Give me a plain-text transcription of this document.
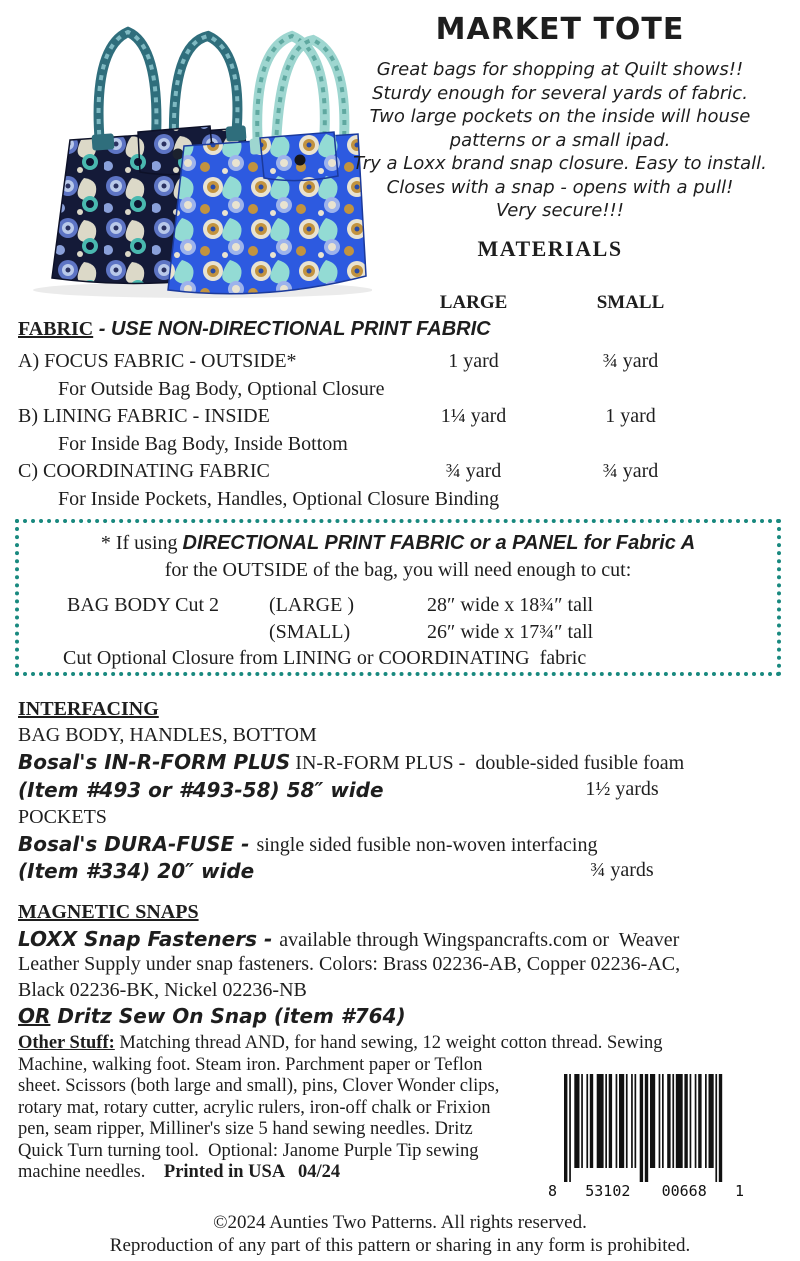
MARKET TOTE
Great bags for shopping at Quilt shows!!
Sturdy enough for several yards of fabric.
Two large pockets on the inside will house
patterns or a small ipad.
Try a Loxx brand snap closure. Easy to install.
Closes with a snap - opens with a pull!
Very secure!!!
MATERIALS
LARGE	SMALL
FABRIC - USE NON-DIRECTIONAL PRINT FABRIC
A) FOCUS FABRIC - OUTSIDE*	1 yard	¾ yard
For Outside Bag Body, Optional Closure
B) LINING FABRIC - INSIDE	1¼ yard	1 yard
For Inside Bag Body, Inside Bottom
C) COORDINATING FABRIC	¾ yard	¾ yard
For Inside Pockets, Handles, Optional Closure Binding
* If using DIRECTIONAL PRINT FABRIC or a PANEL for Fabric A
for the OUTSIDE of the bag, you will need enough to cut:
BAG BODY Cut 2 (LARGE )	28″ wide x 18¾″ tall
(SMALL)	26″ wide x 17¾″ tall
Cut Optional Closure from LINING or COORDINATING  fabric
INTERFACING
BAG BODY, HANDLES, BOTTOM
Bosal's IN-R-FORM PLUS IN-R-FORM PLUS -  double-sided fusible foam
(Item #493 or #493-58) 58″ wide	1½ yards
POCKETS
Bosal's DURA-FUSE - single sided fusible non-woven interfacing
(Item #334) 20″ wide	¾ yards
MAGNETIC SNAPS
LOXX Snap Fasteners - available through Wingspancrafts.com or  Weaver
Leather Supply under snap fasteners. Colors: Brass 02236-AB, Copper 02236-AC,
Black 02236-BK, Nickel 02236-NB
OR Dritz Sew On Snap (item #764)
Other Stuff: Matching thread AND, for hand sewing, 12 weight cotton thread. Sewing
Machine, walking foot. Steam iron. Parchment paper or Teflon
sheet. Scissors (both large and small), pins, Clover Wonder clips,
rotary mat, rotary cutter, acrylic rulers, iron-off chalk or Frixion
pen, seam ripper, Milliner's size 5 hand sewing needles. Dritz
Quick Turn turning tool.  Optional: Janome Purple Tip sewing
machine needles.    Printed in USA   04/24
8 53102 00668 1
©2024 Aunties Two Patterns. All rights reserved.
Reproduction of any part of this pattern or sharing in any form is prohibited.
